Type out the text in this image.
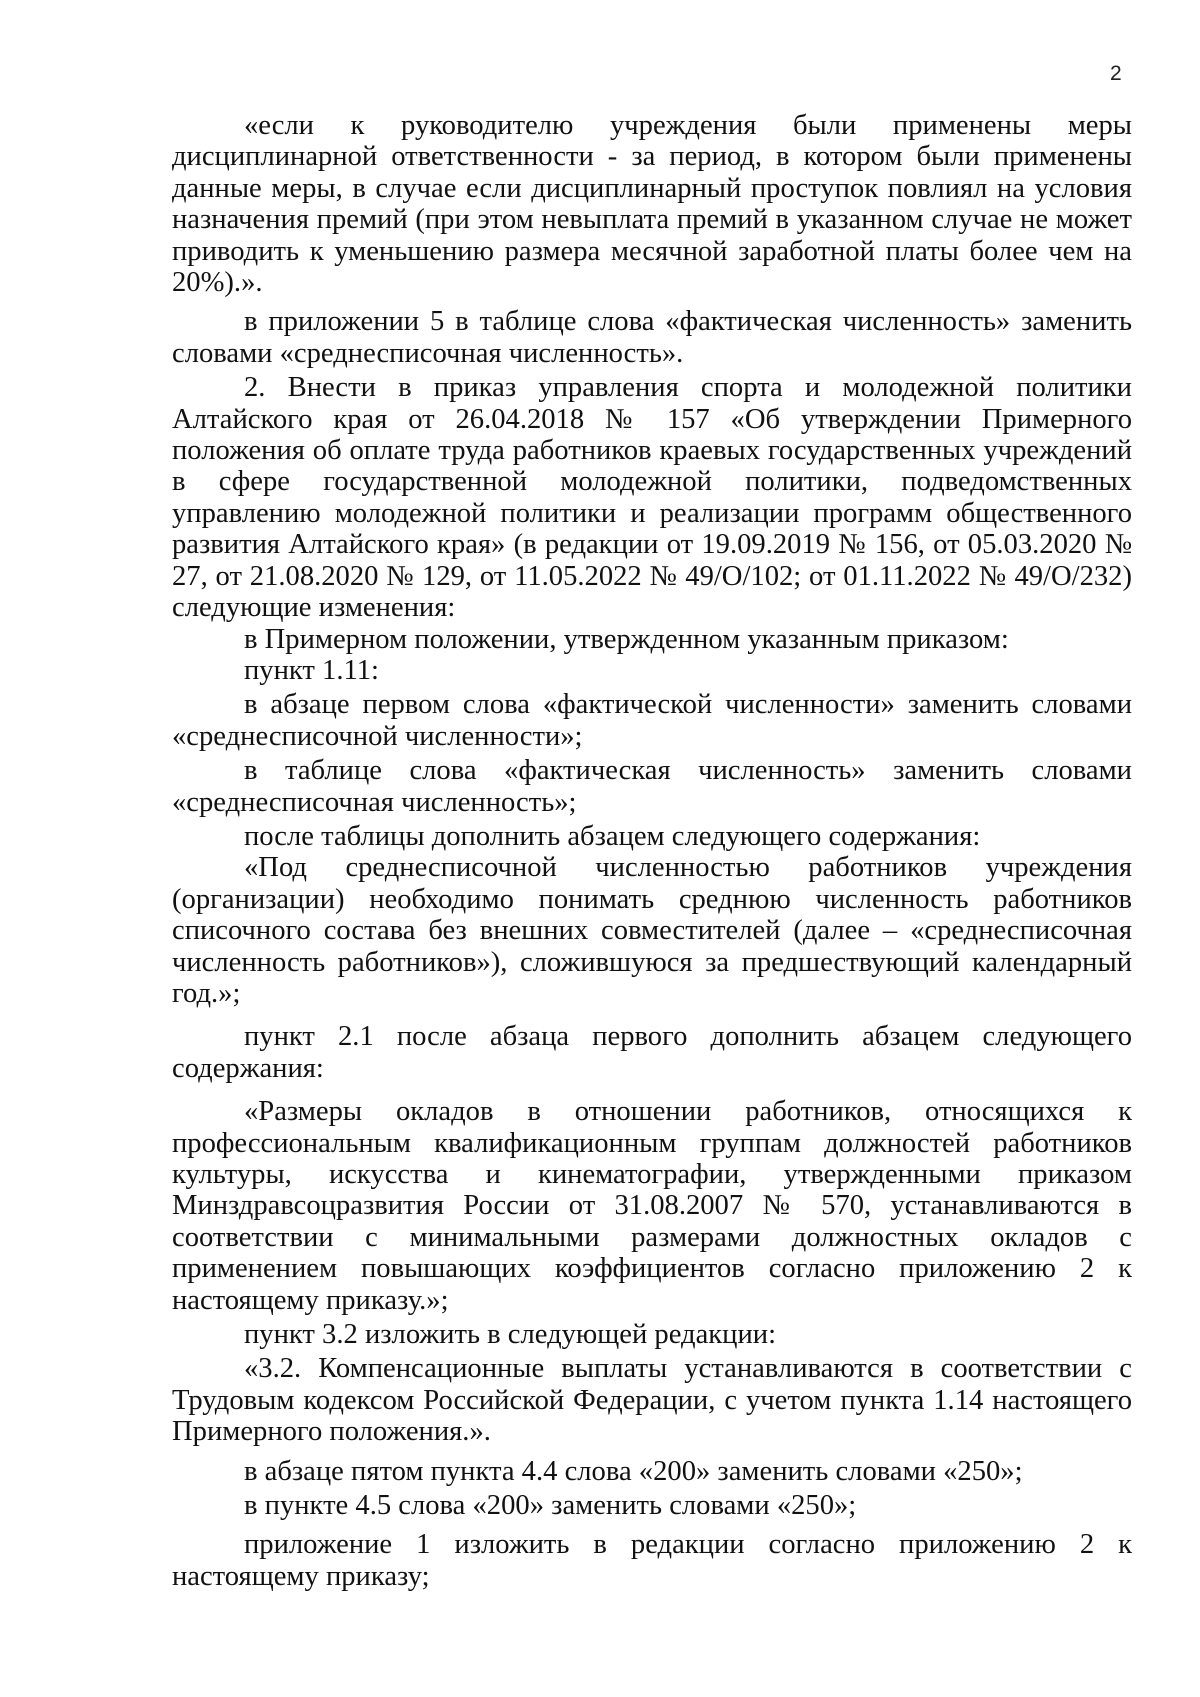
2

«если к руководителю учреждения были применены меры дисциплинарной ответственности - за период, в котором были применены данные меры, в случае если дисциплинарный проступок повлиял на условия назначения премий (при этом невыплата премий в указанном случае не может приводить к уменьшению размера месячной заработной платы более чем на 20%).».

в приложении 5 в таблице слова «фактическая численность» заменить словами «среднесписочная численность».

2. Внести в приказ управления спорта и молодежной политики Алтайского края от 26.04.2018 № 157 «Об утверждении Примерного положения об оплате труда работников краевых государственных учреждений в сфере государственной молодежной политики, подведомственных управлению молодежной политики и реализации программ общественного развития Алтайского края» (в редакции от 19.09.2019 № 156, от 05.03.2020 № 27, от 21.08.2020 № 129, от 11.05.2022 № 49/О/102; от 01.11.2022 № 49/О/232) следующие изменения:

в Примерном положении, утвержденном указанным приказом:

пункт 1.11:

в абзаце первом слова «фактической численности» заменить словами «среднесписочной численности»;

в таблице слова «фактическая численность» заменить словами «среднесписочная численность»;

после таблицы дополнить абзацем следующего содержания:

«Под среднесписочной численностью работников учреждения (организации) необходимо понимать среднюю численность работников списочного состава без внешних совместителей (далее – «среднесписочная численность работников»), сложившуюся за предшествующий календарный год.»;

пункт 2.1 после абзаца первого дополнить абзацем следующего содержания:

«Размеры окладов в отношении работников, относящихся к профессиональным квалификационным группам должностей работников культуры, искусства и кинематографии, утвержденными приказом Минздравсоцразвития России от 31.08.2007 № 570, устанавливаются в соответствии с минимальными размерами должностных окладов с применением повышающих коэффициентов согласно приложению 2 к настоящему приказу.»;

пункт 3.2 изложить в следующей редакции:

«3.2. Компенсационные выплаты устанавливаются в соответствии с Трудовым кодексом Российской Федерации, с учетом пункта 1.14 настоящего Примерного положения.».

в абзаце пятом пункта 4.4 слова «200» заменить словами «250»;

в пункте 4.5 слова «200» заменить словами «250»;

приложение 1 изложить в редакции согласно приложению 2 к настоящему приказу;
